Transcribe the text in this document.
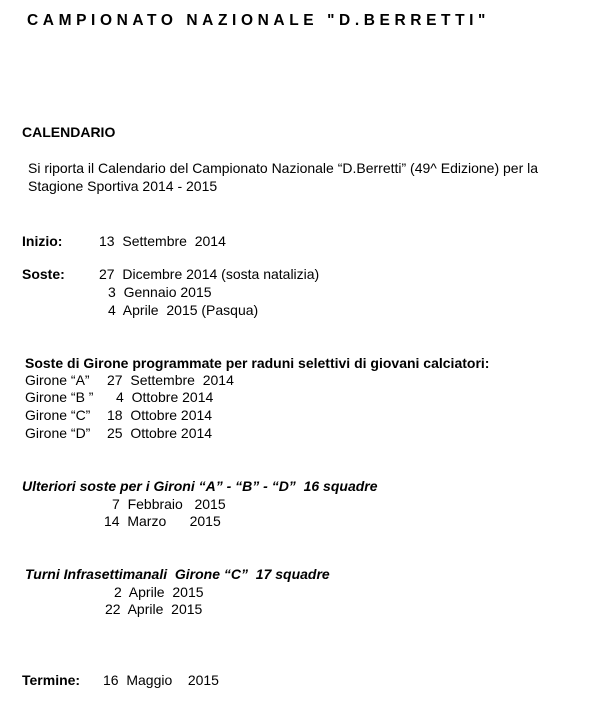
CAMPIONATO NAZIONALE "D.BERRETTI"
CALENDARIO
Si riporta il Calendario del Campionato Nazionale “D.Berretti” (49^ Edizione) per la
Stagione Sportiva 2014 - 2015
Inizio:	13  Settembre  2014
Soste: 27  Dicembre 2014 (sosta natalizia)
3  Gennaio 2015
4  Aprile  2015 (Pasqua)
Soste di Girone programmate per raduni selettivi di giovani calciatori:
Girone “A” 27  Settembre  2014
Girone “B ” 4  Ottobre 2014
Girone “C” 18  Ottobre 2014
Girone “D” 25  Ottobre 2014
Ulteriori soste per i Gironi “A” - “B” - “D”  16 squadre
7  Febbraio   2015
14  Marzo      2015
Turni Infrasettimanali  Girone “C”  17 squadre
2  Aprile  2015
22  Aprile  2015
Termine: 16  Maggio    2015
